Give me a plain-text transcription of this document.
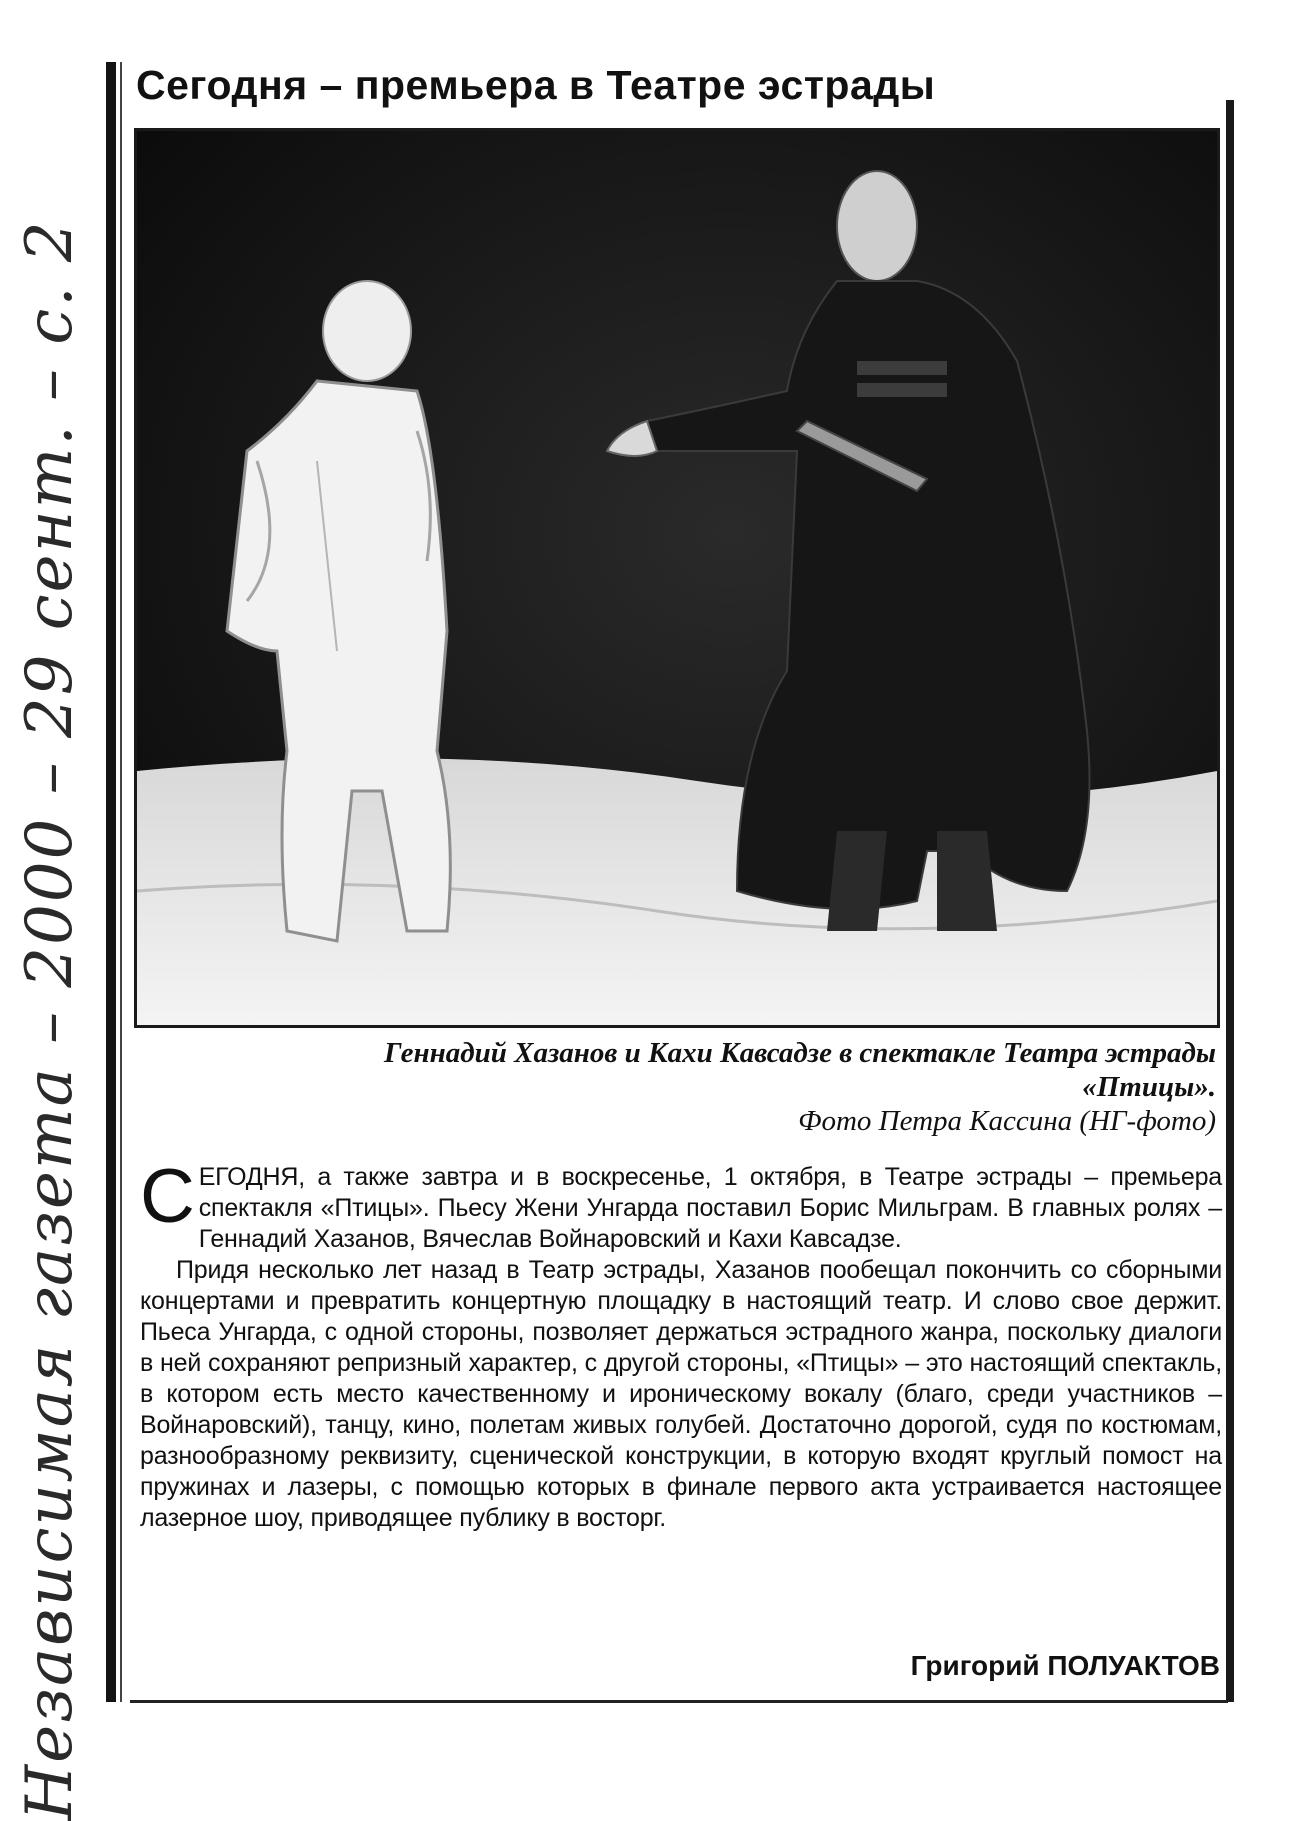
Независимая газета – 2000 – 29 сент. – с. 2
Сегодня – премьера в Театре эстрады

Геннадий Хазанов и Кахи Кавсадзе в спектакле Театра эстрады

«Птицы».

Фото Петра Кассина (НГ-фото)

СЕГОДНЯ, а также завтра и в воскресенье, 1 октября, в Театре эстрады – премьера спектакля «Птицы». Пьесу Жени Унгарда поставил Борис Мильграм. В главных ролях – Геннадий Хазанов, Вячеслав Войнаровский и Кахи Кавсадзе.

Придя несколько лет назад в Театр эстрады, Хазанов пообещал покончить со сборными концертами и превратить концертную площадку в настоящий театр. И слово свое держит. Пьеса Унгарда, с одной стороны, позволяет держаться эстрадного жанра, поскольку диалоги в ней сохраняют репризный характер, с другой стороны, «Птицы» – это настоящий спектакль, в котором есть место качественному и ироническому вокалу (благо, среди участников – Войнаровский), танцу, кино, полетам живых голубей. Достаточно дорогой, судя по костюмам, разнообразному реквизиту, сценической конструкции, в которую входят круглый помост на пружинах и лазеры, с помощью которых в финале первого акта устраивается настоящее лазерное шоу, приводящее публику в восторг.

Григорий ПОЛУАКТОВ
